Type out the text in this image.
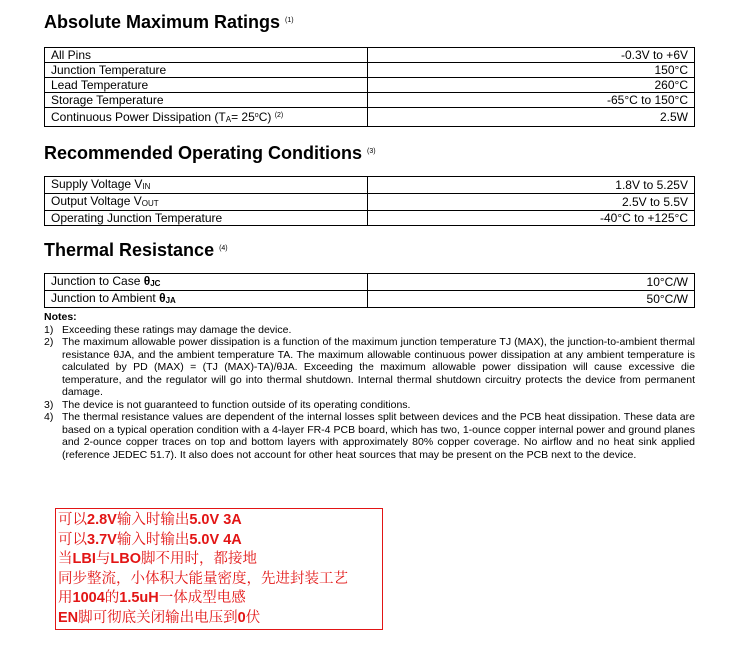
Absolute Maximum Ratings $^{(1)}$
All Pins	-0.3V to +6V
Junction Temperature	150°C
Lead Temperature	260°C
Storage Temperature	-65°C to 150°C
Continuous Power Dissipation $(TA= 25^oC)$ $^{(2)}$	2.5W
Recommended Operating Conditions $^{(3)}$
Supply Voltage VIN	1.8V to 5.25V
Output Voltage VOUT	2.5V to 5.5V
Operating Junction Temperature	-40°C to +125°C
Thermal Resistance $^{(4)}$
Junction to Case θJC	10°C/W
Junction to Ambient θJA	50°C/W
Notes:
1) Exceeding these ratings may damage the device.
2) The maximum allowable power dissipation is a function of the maximum junction temperature TJ (MAX), the junction-to-ambient thermal resistance θJA, and the ambient temperature TA. The maximum allowable continuous power dissipation at any ambient temperature is calculated by PD (MAX) = (TJ (MAX)-TA)/θJA. Exceeding the maximum allowable power dissipation will cause excessive die temperature, and the regulator will go into thermal shutdown. Internal thermal shutdown circuitry protects the device from permanent damage.
3) The device is not guaranteed to function outside of its operating conditions.
4) The thermal resistance values are dependent of the internal losses split between devices and the PCB heat dissipation. These data are based on a typical operation condition with a 4-layer FR-4 PCB board, which has two, 1-ounce copper internal power and ground planes and 2-ounce copper traces on top and bottom layers with approximately 80% copper coverage. No airflow and no heat sink applied (reference JEDEC 51.7). It also does not account for other heat sources that may be present on the PCB next to the device.
可以2.8V输入时输出5.0V 3A
可以3.7V输入时输出5.0V 4A
当LBI与LBO脚不用时，都接地
同步整流，小体积大能量密度，先进封装工艺
用1004的1.5uH一体成型电感
EN脚可彻底关闭输出电压到0伏
